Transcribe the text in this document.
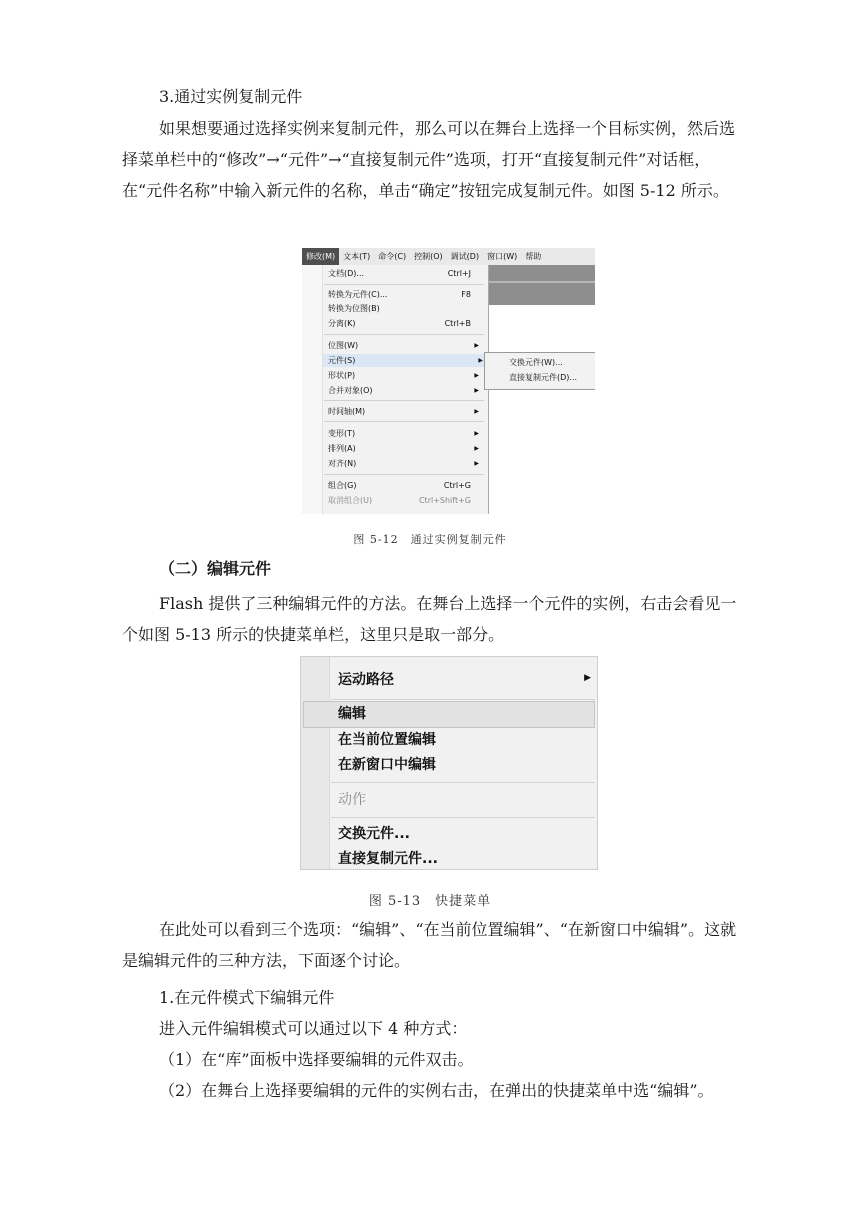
3.通过实例复制元件

如果想要通过选择实例来复制元件，那么可以在舞台上选择一个目标实例，然后选择菜单栏中的“修改”→“元件”→“直接复制元件”选项，打开“直接复制元件”对话框，在“元件名称”中输入新元件的名称，单击“确定”按钮完成复制元件。如图 5-12 所示。

修改(M)	文本(T)	命令(C)	控制(O)	调试(D)	窗口(W)	帮助
文档(D)...	Ctrl+J
转换为元件(C)...	F8
转换为位图(B)
分离(K)	Ctrl+B
位图(W)	▶
元件(S)	▶
形状(P)	▶
合并对象(O)	▶
时间轴(M)	▶
变形(T)	▶
排列(A)	▶
对齐(N)	▶
组合(G)	Ctrl+G
取消组合(U)	Ctrl+Shift+G
交换元件(W)...
直接复制元件(D)...
图 5-12　通过实例复制元件

（二）编辑元件

Flash 提供了三种编辑元件的方法。在舞台上选择一个元件的实例，右击会看见一个如图 5-13 所示的快捷菜单栏，这里只是取一部分。

运动路径	▶
编辑
在当前位置编辑
在新窗口中编辑
动作
交换元件...
直接复制元件...
图 5-13　快捷菜单

在此处可以看到三个选项：“编辑”、“在当前位置编辑”、“在新窗口中编辑”。这就是编辑元件的三种方法，下面逐个讨论。

1.在元件模式下编辑元件

进入元件编辑模式可以通过以下 4 种方式：

（1）在“库”面板中选择要编辑的元件双击。

（2）在舞台上选择要编辑的元件的实例右击，在弹出的快捷菜单中选“编辑”。
